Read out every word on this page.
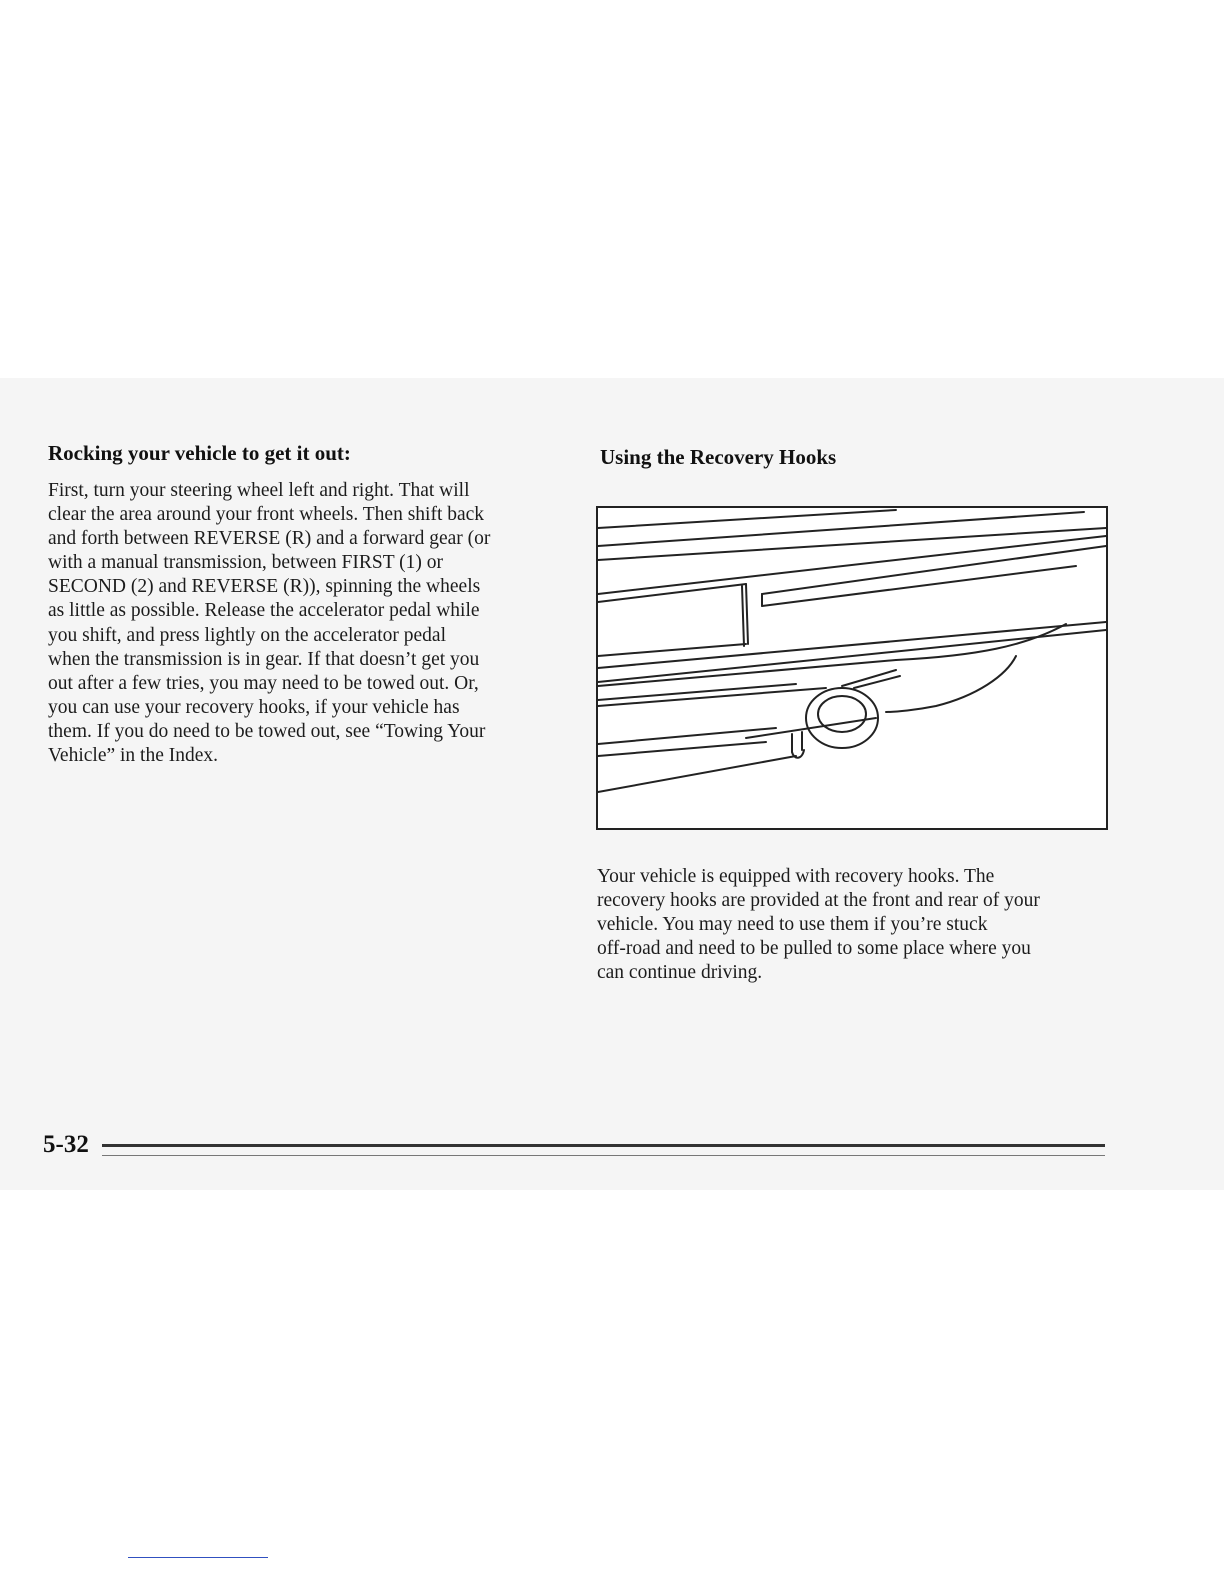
Rocking your vehicle to get it out:
First, turn your steering wheel left and right. That will
clear the area around your front wheels. Then shift back
and forth between REVERSE (R) and a forward gear (or
with a manual transmission, between FIRST (1) or
SECOND (2) and REVERSE (R)), spinning the wheels
as little as possible. Release the accelerator pedal while
you shift, and press lightly on the accelerator pedal
when the transmission is in gear. If that doesn’t get you
out after a few tries, you may need to be towed out. Or,
you can use your recovery hooks, if your vehicle has
them. If you do need to be towed out, see “Towing Your
Vehicle” in the Index.
Using the Recovery Hooks
Your vehicle is equipped with recovery hooks. The
recovery hooks are provided at the front and rear of your
vehicle. You may need to use them if you’re stuck
off-road and need to be pulled to some place where you
can continue driving.
5-32
